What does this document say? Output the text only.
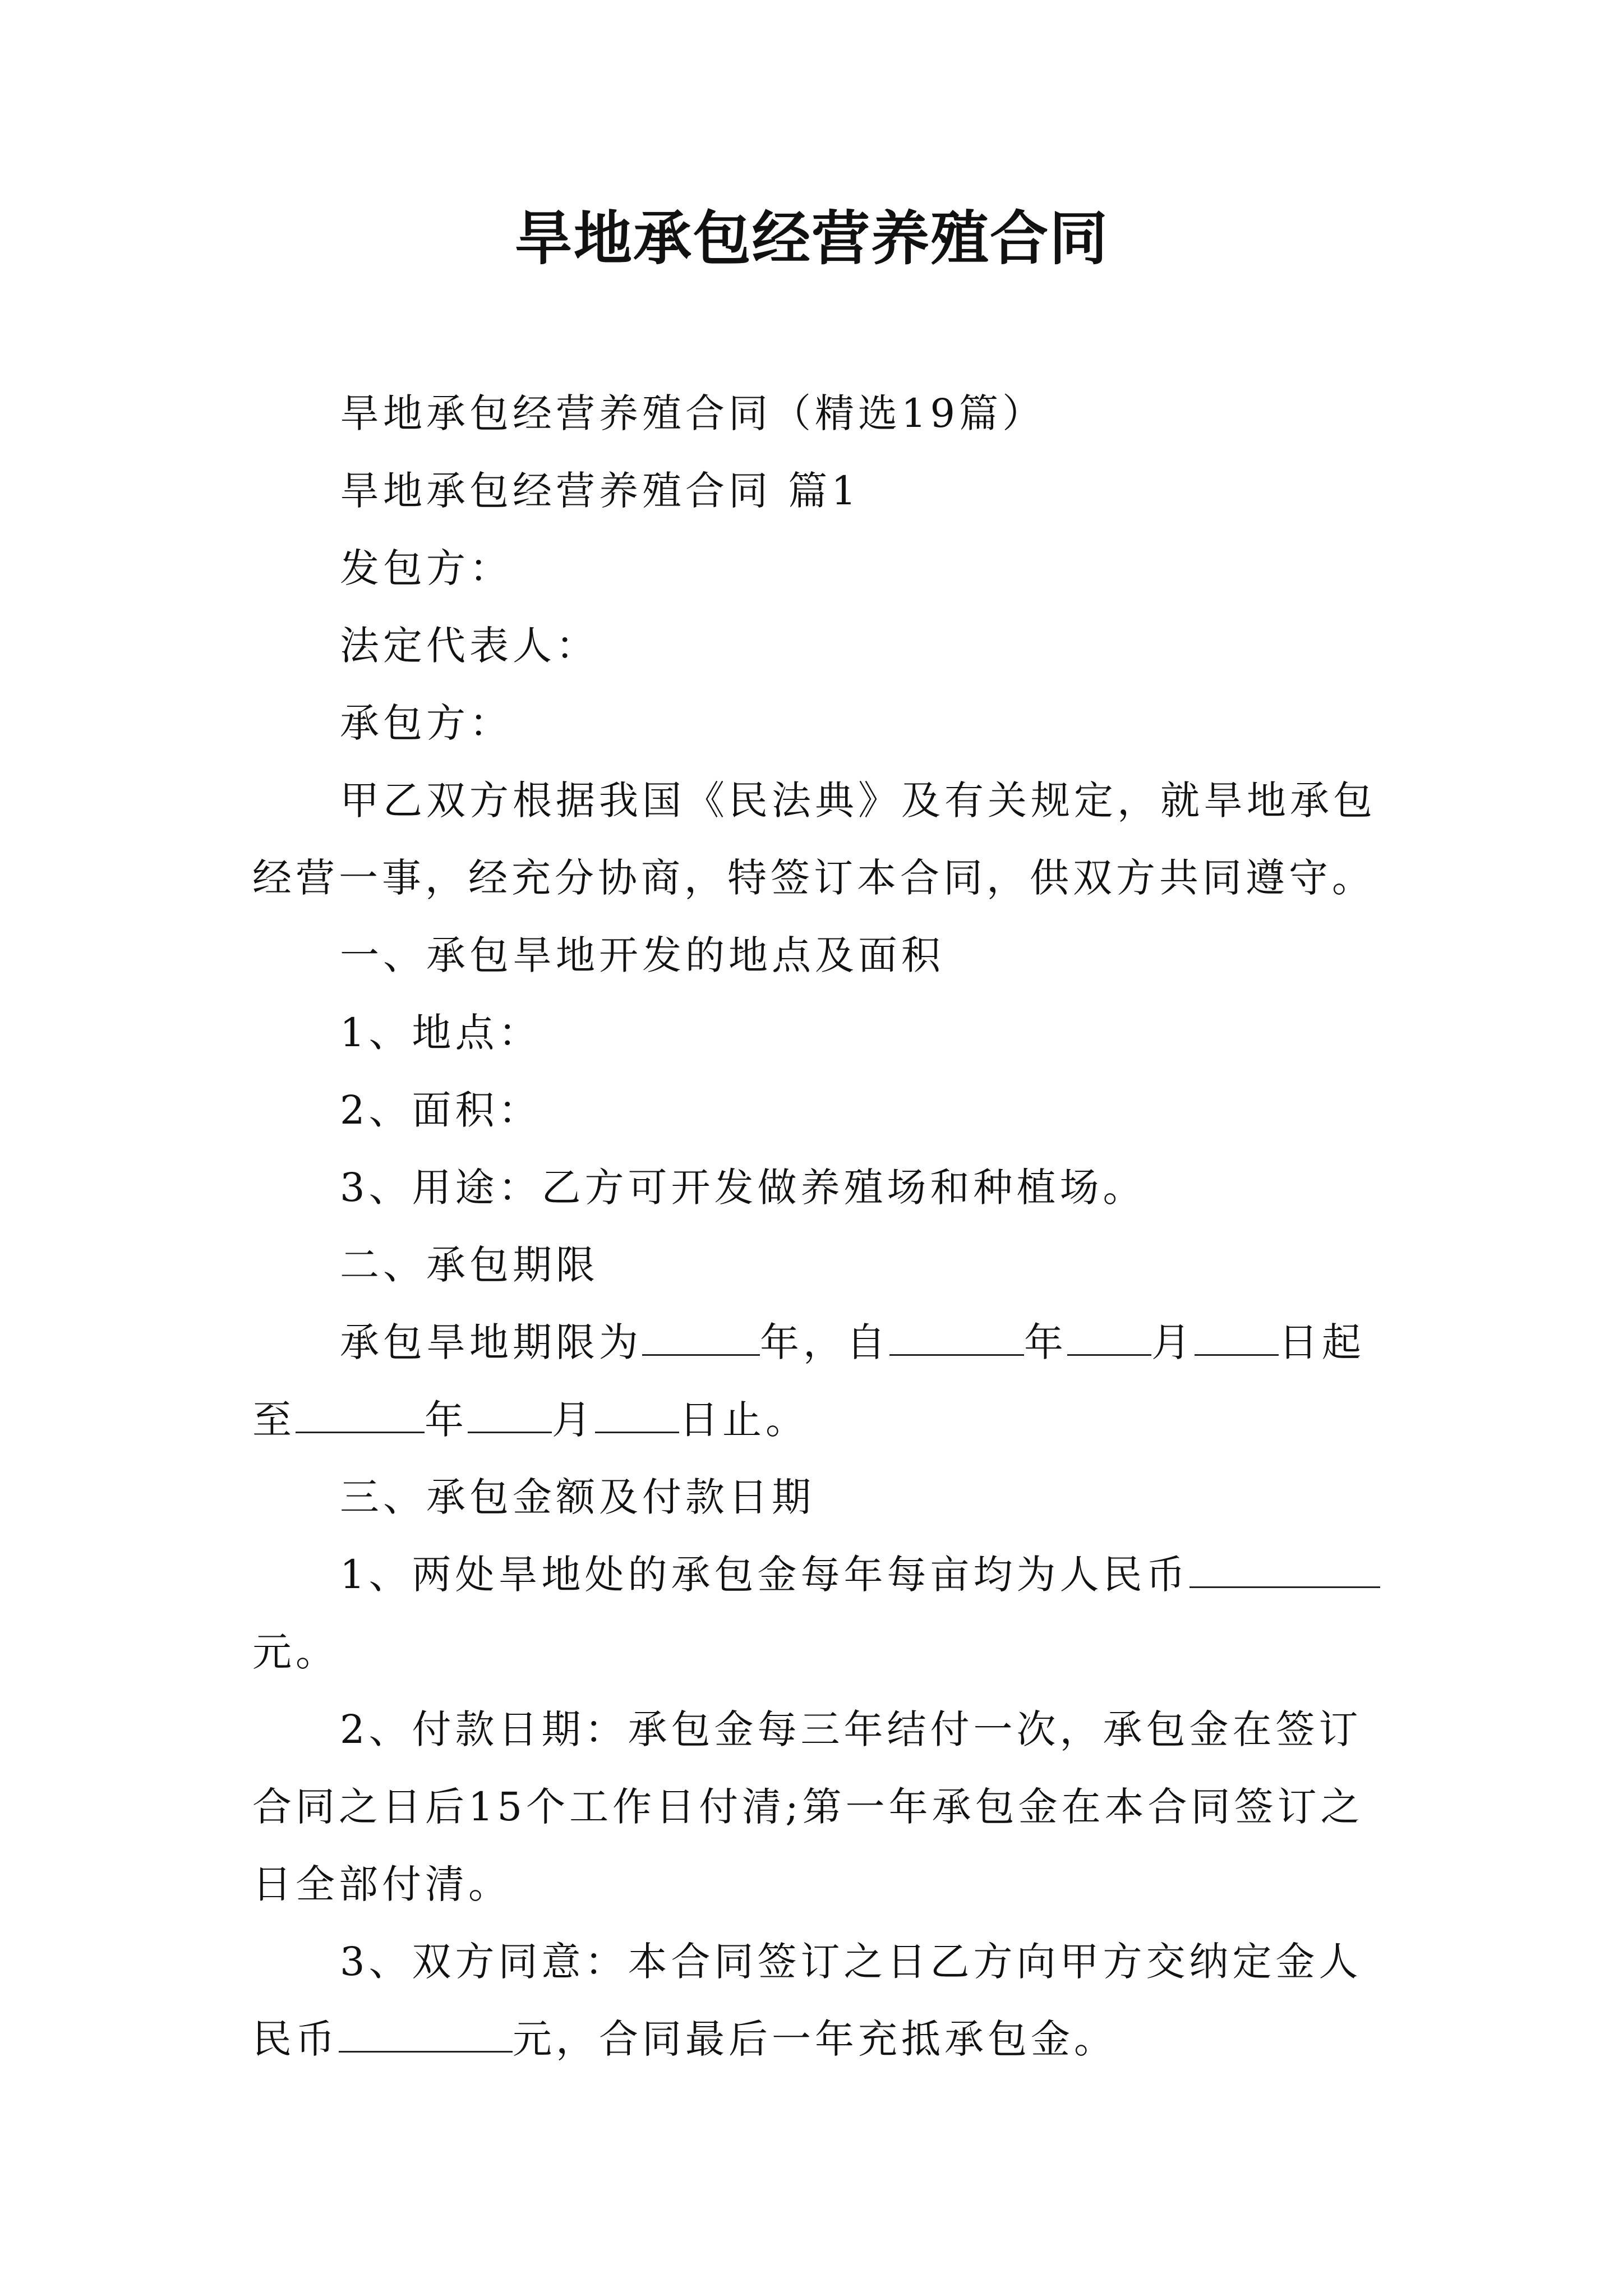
旱地承包经营养殖合同

旱地承包经营养殖合同（精选19篇）

旱地承包经营养殖合同 篇1

发包方：

法定代表人：

承包方：

甲乙双方根据我国《民法典》及有关规定，就旱地承包经营一事，经充分协商，特签订本合同，供双方共同遵守。

一、承包旱地开发的地点及面积

1、地点：

2、面积：

3、用途：乙方可开发做养殖场和种植场。

二、承包期限

承包旱地期限为	年，自	年 月 日起至	年 月 日止。

三、承包金额及付款日期

1、两处旱地处的承包金每年每亩均为人民币元。

2、付款日期：承包金每三年结付一次，承包金在签订合同之日后15个工作日付清;第一年承包金在本合同签订之日全部付清。

3、双方同意：本合同签订之日乙方向甲方交纳定金人民币	元，合同最后一年充抵承包金。
